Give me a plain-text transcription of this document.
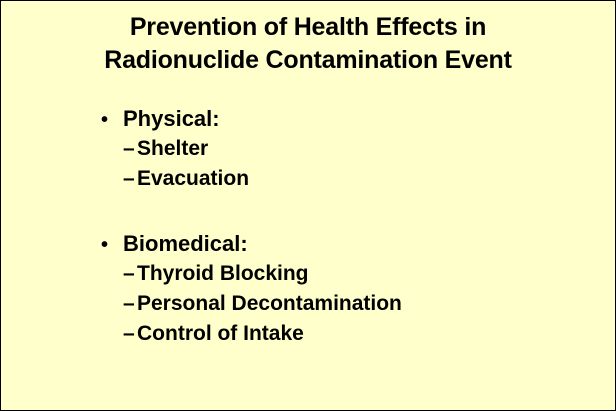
Prevention of Health Effects in
Radionuclide Contamination Event
• Physical:
– Shelter
– Evacuation
• Biomedical:
– Thyroid Blocking
– Personal Decontamination
– Control of Intake
